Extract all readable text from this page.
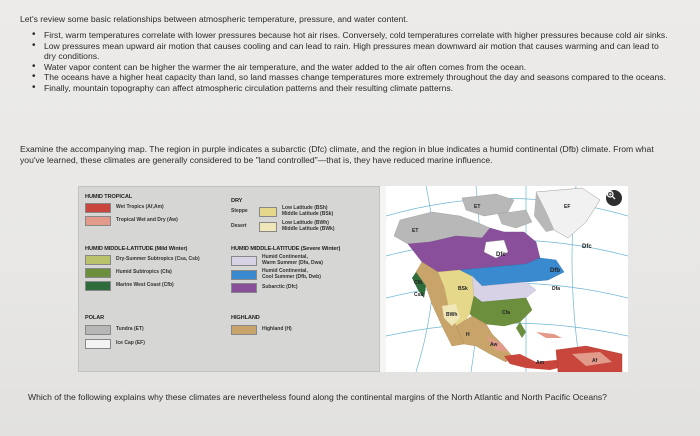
Let's review some basic relationships between atmospheric temperature, pressure, and water content.
• First, warm temperatures correlate with lower pressures because hot air rises. Conversely, cold temperatures correlate with higher pressures because cold air sinks.
• Low pressures mean upward air motion that causes cooling and can lead to rain. High pressures mean downward air motion that causes warming and can lead to dry conditions.
• Water vapor content can be higher the warmer the air temperature, and the water added to the air often comes from the ocean.
• The oceans have a higher heat capacity than land, so land masses change temperatures more extremely throughout the day and seasons compared to the oceans.
• Finally, mountain topography can affect atmospheric circulation patterns and their resulting climate patterns.
Examine the accompanying map. The region in purple indicates a subarctic (Dfc) climate, and the region in blue indicates a humid continental (Dfb) climate. From what you've learned, these climates are generally considered to be "land controlled"—that is, they have reduced marine influence.
HUMID TROPICAL
Wet Tropics (Af,Am)
Tropical Wet and Dry (Aw)
DRY
Steppe	Low Latitude (BSh)
Middle Latitude (BSk)
Desert	Low Latitude (BWh)
Middle Latitude (BWk)
HUMID MIDDLE-LATITUDE (Mild Winter)
Dry-Summer Subtropics (Csa, Csb)
Humid Subtropics (Cfa)
Marine West Coast (Cfb)
HUMID MIDDLE-LATITUDE (Severe Winter)
Humid Continental,
Warm Summer (Dfa, Dwa)
Humid Continental,
Cool Summer (Dfb, Dwb)
Subarctic (Dfc)
POLAR
Tundra (ET)
Ice Cap (EF)
HIGHLAND
Highland (H)
EF
ET
Dfc
Dfb
Dfa
Cfb
Cfa
Csb
BSk
BWh
H
Aw
Am	Af
ET
Dfc
Which of the following explains why these climates are nevertheless found along the continental margins of the North Atlantic and North Pacific Oceans?
